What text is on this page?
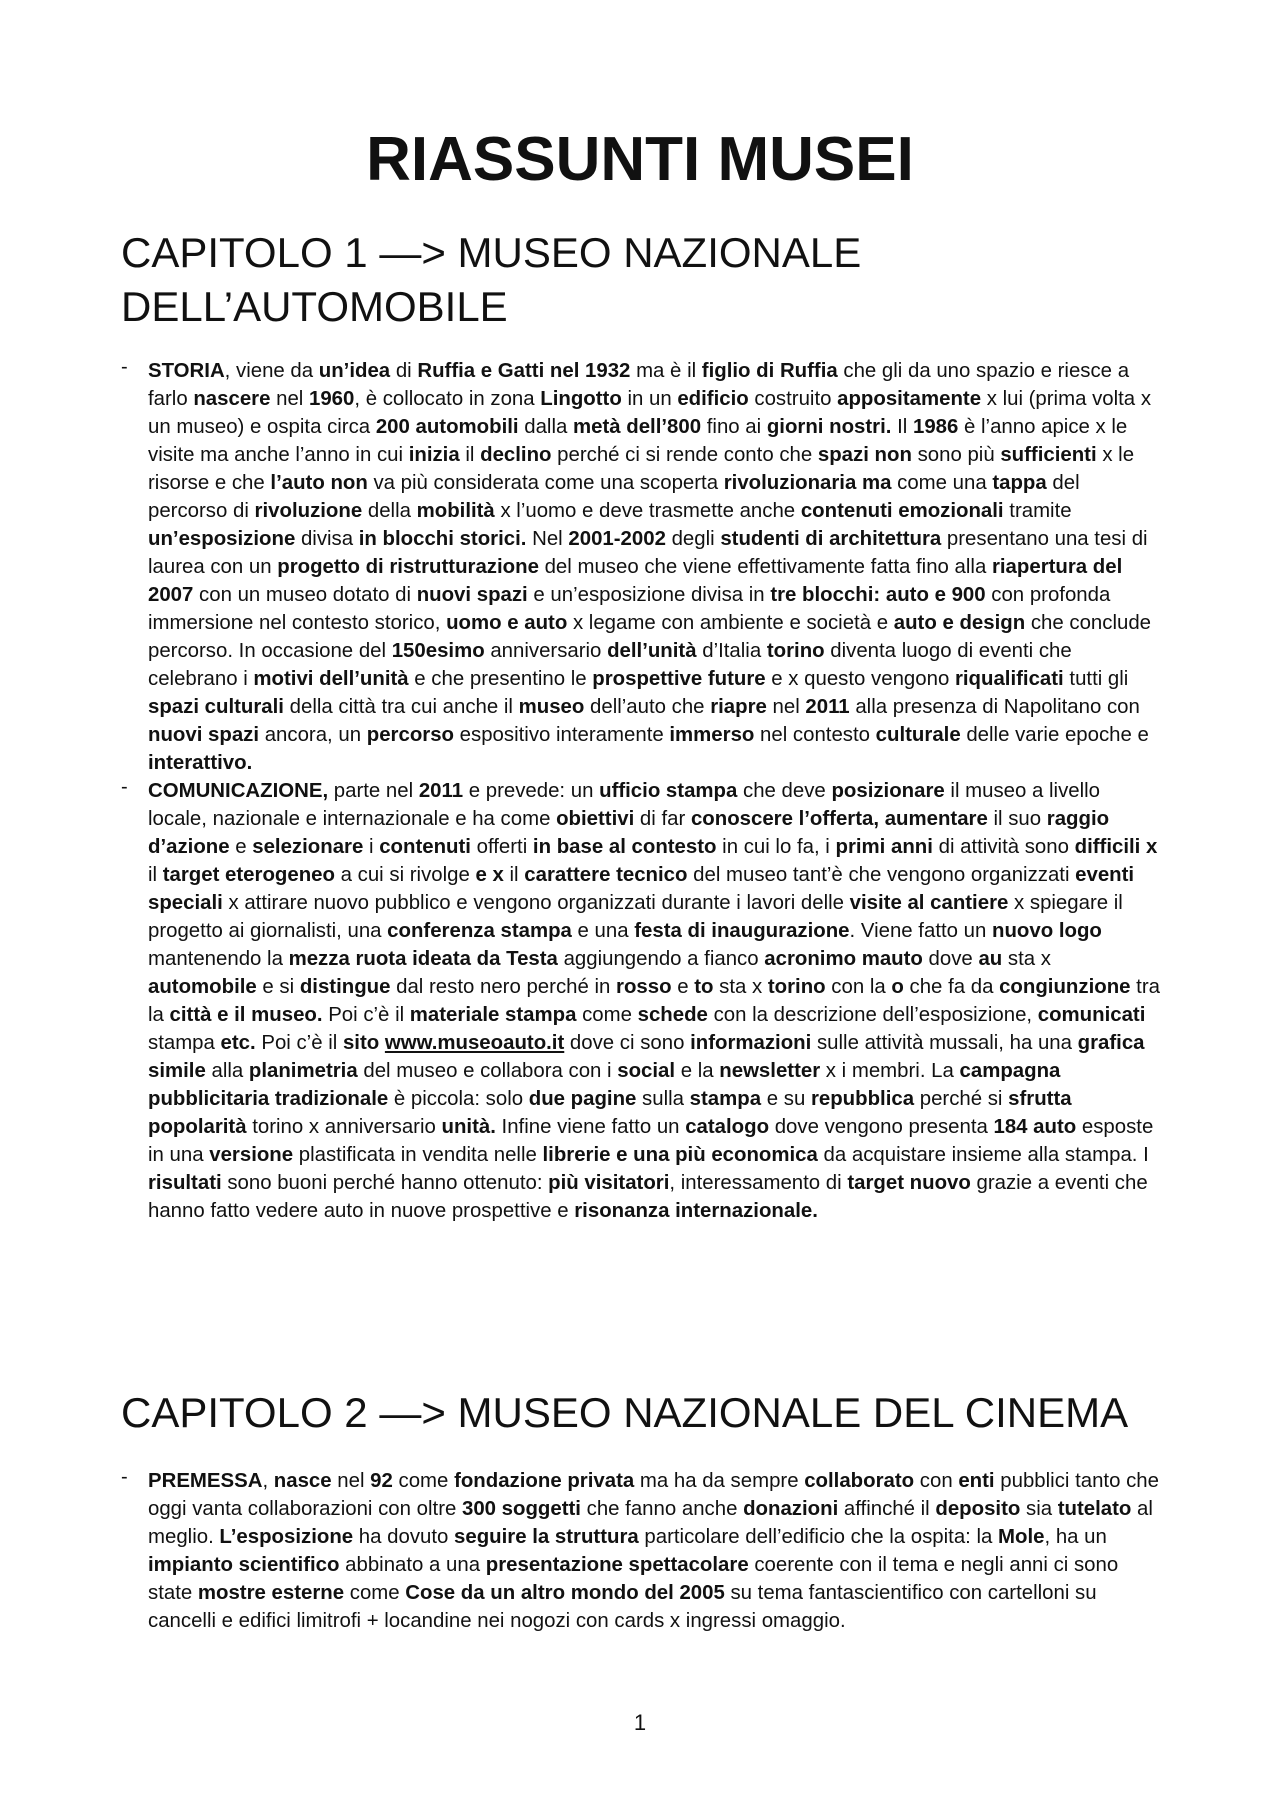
RIASSUNTI MUSEI
CAPITOLO 1 —> MUSEO NAZIONALE
DELL’AUTOMOBILE
- STORIA, viene da un’idea di Ruffia e Gatti nel 1932 ma è il figlio di Ruffia che gli da uno spazio e riesce a farlo nascere nel 1960, è collocato in zona Lingotto in un edificio costruito appositamente x lui (prima volta x un museo) e ospita circa 200 automobili dalla metà dell’800 fino ai giorni nostri. Il 1986 è l’anno apice x le visite ma anche l’anno in cui inizia il declino perché ci si rende conto che spazi non sono più sufficienti x le risorse e che l’auto non va più considerata come una scoperta rivoluzionaria ma come una tappa del percorso di rivoluzione della mobilità x l’uomo e deve trasmette anche contenuti emozionali tramite un’esposizione divisa in blocchi storici. Nel 2001-2002 degli studenti di architettura presentano una tesi di laurea con un progetto di ristrutturazione del museo che viene effettivamente fatta fino alla riapertura del 2007 con un museo dotato di nuovi spazi e un’esposizione divisa in tre blocchi: auto e 900 con profonda immersione nel contesto storico, uomo e auto x legame con ambiente e società e auto e design che conclude percorso. In occasione del 150esimo anniversario dell’unità d’Italia torino diventa luogo di eventi che celebrano i motivi dell’unità e che presentino le prospettive future e x questo vengono riqualificati tutti gli spazi culturali della città tra cui anche il museo dell’auto che riapre nel 2011 alla presenza di Napolitano con nuovi spazi ancora, un percorso espositivo interamente immerso nel contesto culturale delle varie epoche e interattivo.
- COMUNICAZIONE, parte nel 2011 e prevede: un ufficio stampa che deve posizionare il museo a livello locale, nazionale e internazionale e ha come obiettivi di far conoscere l’offerta, aumentare il suo raggio d’azione e selezionare i contenuti offerti in base al contesto in cui lo fa, i primi anni di attività sono difficili x il target eterogeneo a cui si rivolge e x il carattere tecnico del museo tant’è che vengono organizzati eventi speciali x attirare nuovo pubblico e vengono organizzati durante i lavori delle visite al cantiere x spiegare il progetto ai giornalisti, una conferenza stampa e una festa di inaugurazione. Viene fatto un nuovo logo mantenendo la mezza ruota ideata da Testa aggiungendo a fianco acronimo mauto dove au sta x automobile e si distingue dal resto nero perché in rosso e to sta x torino con la o che fa da congiunzione tra la città e il museo. Poi c’è il materiale stampa come schede con la descrizione dell’esposizione, comunicati stampa etc. Poi c’è il sito www.museoauto.it dove ci sono informazioni sulle attività mussali, ha una grafica simile alla planimetria del museo e collabora con i social e la newsletter x i membri. La campagna pubblicitaria tradizionale è piccola: solo due pagine sulla stampa e su repubblica perché si sfrutta popolarità torino x anniversario unità. Infine viene fatto un catalogo dove vengono presenta 184 auto esposte in una versione plastificata in vendita nelle librerie e una più economica da acquistare insieme alla stampa. I risultati sono buoni perché hanno ottenuto: più visitatori, interessamento di target nuovo grazie a eventi che hanno fatto vedere auto in nuove prospettive e risonanza internazionale.
CAPITOLO 2 —> MUSEO NAZIONALE DEL CINEMA
- PREMESSA, nasce nel 92 come fondazione privata ma ha da sempre collaborato con enti pubblici tanto che oggi vanta collaborazioni con oltre 300 soggetti che fanno anche donazioni affinché il deposito sia tutelato al meglio. L’esposizione ha dovuto seguire la struttura particolare dell’edificio che la ospita: la Mole, ha un impianto scientifico abbinato a una presentazione spettacolare coerente con il tema e negli anni ci sono state mostre esterne come Cose da un altro mondo del 2005 su tema fantascientifico con cartelloni su cancelli e edifici limitrofi + locandine nei nogozi con cards x ingressi omaggio.
1
